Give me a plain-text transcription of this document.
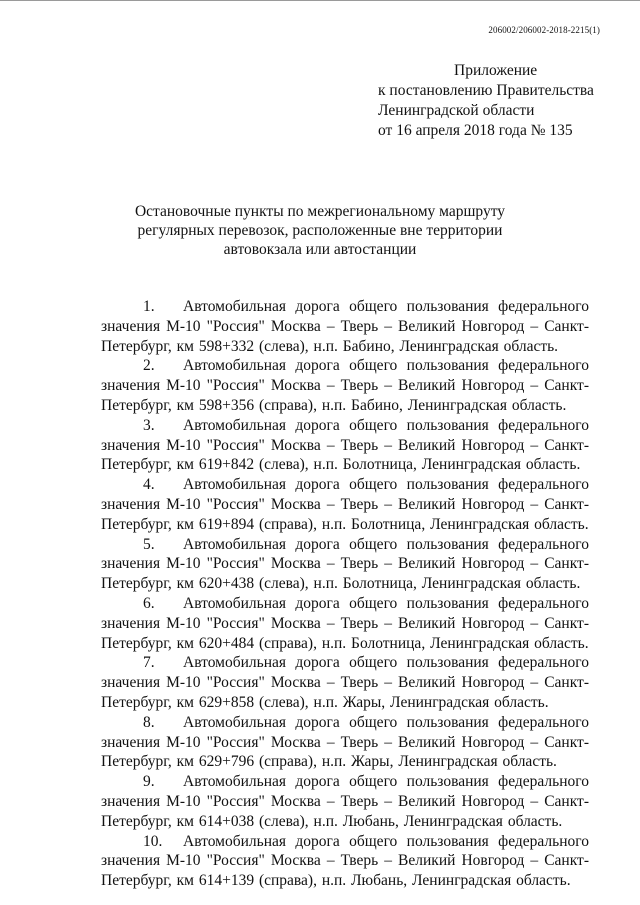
206002/206002-2018-2215(1)
Приложение
к постановлению Правительства
Ленинградской области
от 16 апреля 2018 года № 135
Остановочные пункты по межрегиональному маршруту
регулярных перевозок, расположенные вне территории
автовокзала или автостанции

1. Автомобильная дорога общего пользования федерального значения М-10 "Россия" Москва – Тверь – Великий Новгород – Санкт-Петербург, км 598+332 (слева), н.п. Бабино, Ленинградская область.

2. Автомобильная дорога общего пользования федерального значения М-10 "Россия" Москва – Тверь – Великий Новгород – Санкт-Петербург, км 598+356 (справа), н.п. Бабино, Ленинградская область.

3. Автомобильная дорога общего пользования федерального значения М-10 "Россия" Москва – Тверь – Великий Новгород – Санкт-Петербург, км 619+842 (слева), н.п. Болотница, Ленинградская область.

4. Автомобильная дорога общего пользования федерального значения М-10 "Россия" Москва – Тверь – Великий Новгород – Санкт-Петербург, км 619+894 (справа), н.п. Болотница, Ленинградская область.

5. Автомобильная дорога общего пользования федерального значения М-10 "Россия" Москва – Тверь – Великий Новгород – Санкт-Петербург, км 620+438 (слева), н.п. Болотница, Ленинградская область.

6. Автомобильная дорога общего пользования федерального значения М-10 "Россия" Москва – Тверь – Великий Новгород – Санкт-Петербург, км 620+484 (справа), н.п. Болотница, Ленинградская область.

7. Автомобильная дорога общего пользования федерального значения М-10 "Россия" Москва – Тверь – Великий Новгород – Санкт-Петербург, км 629+858 (слева), н.п. Жары, Ленинградская область.

8. Автомобильная дорога общего пользования федерального значения М-10 "Россия" Москва – Тверь – Великий Новгород – Санкт-Петербург, км 629+796 (справа), н.п. Жары, Ленинградская область.

9. Автомобильная дорога общего пользования федерального значения М-10 "Россия" Москва – Тверь – Великий Новгород – Санкт-Петербург, км 614+038 (слева), н.п. Любань, Ленинградская область.

10. Автомобильная дорога общего пользования федерального значения М-10 "Россия" Москва – Тверь – Великий Новгород – Санкт-Петербург, км 614+139 (справа), н.п. Любань, Ленинградская область.
